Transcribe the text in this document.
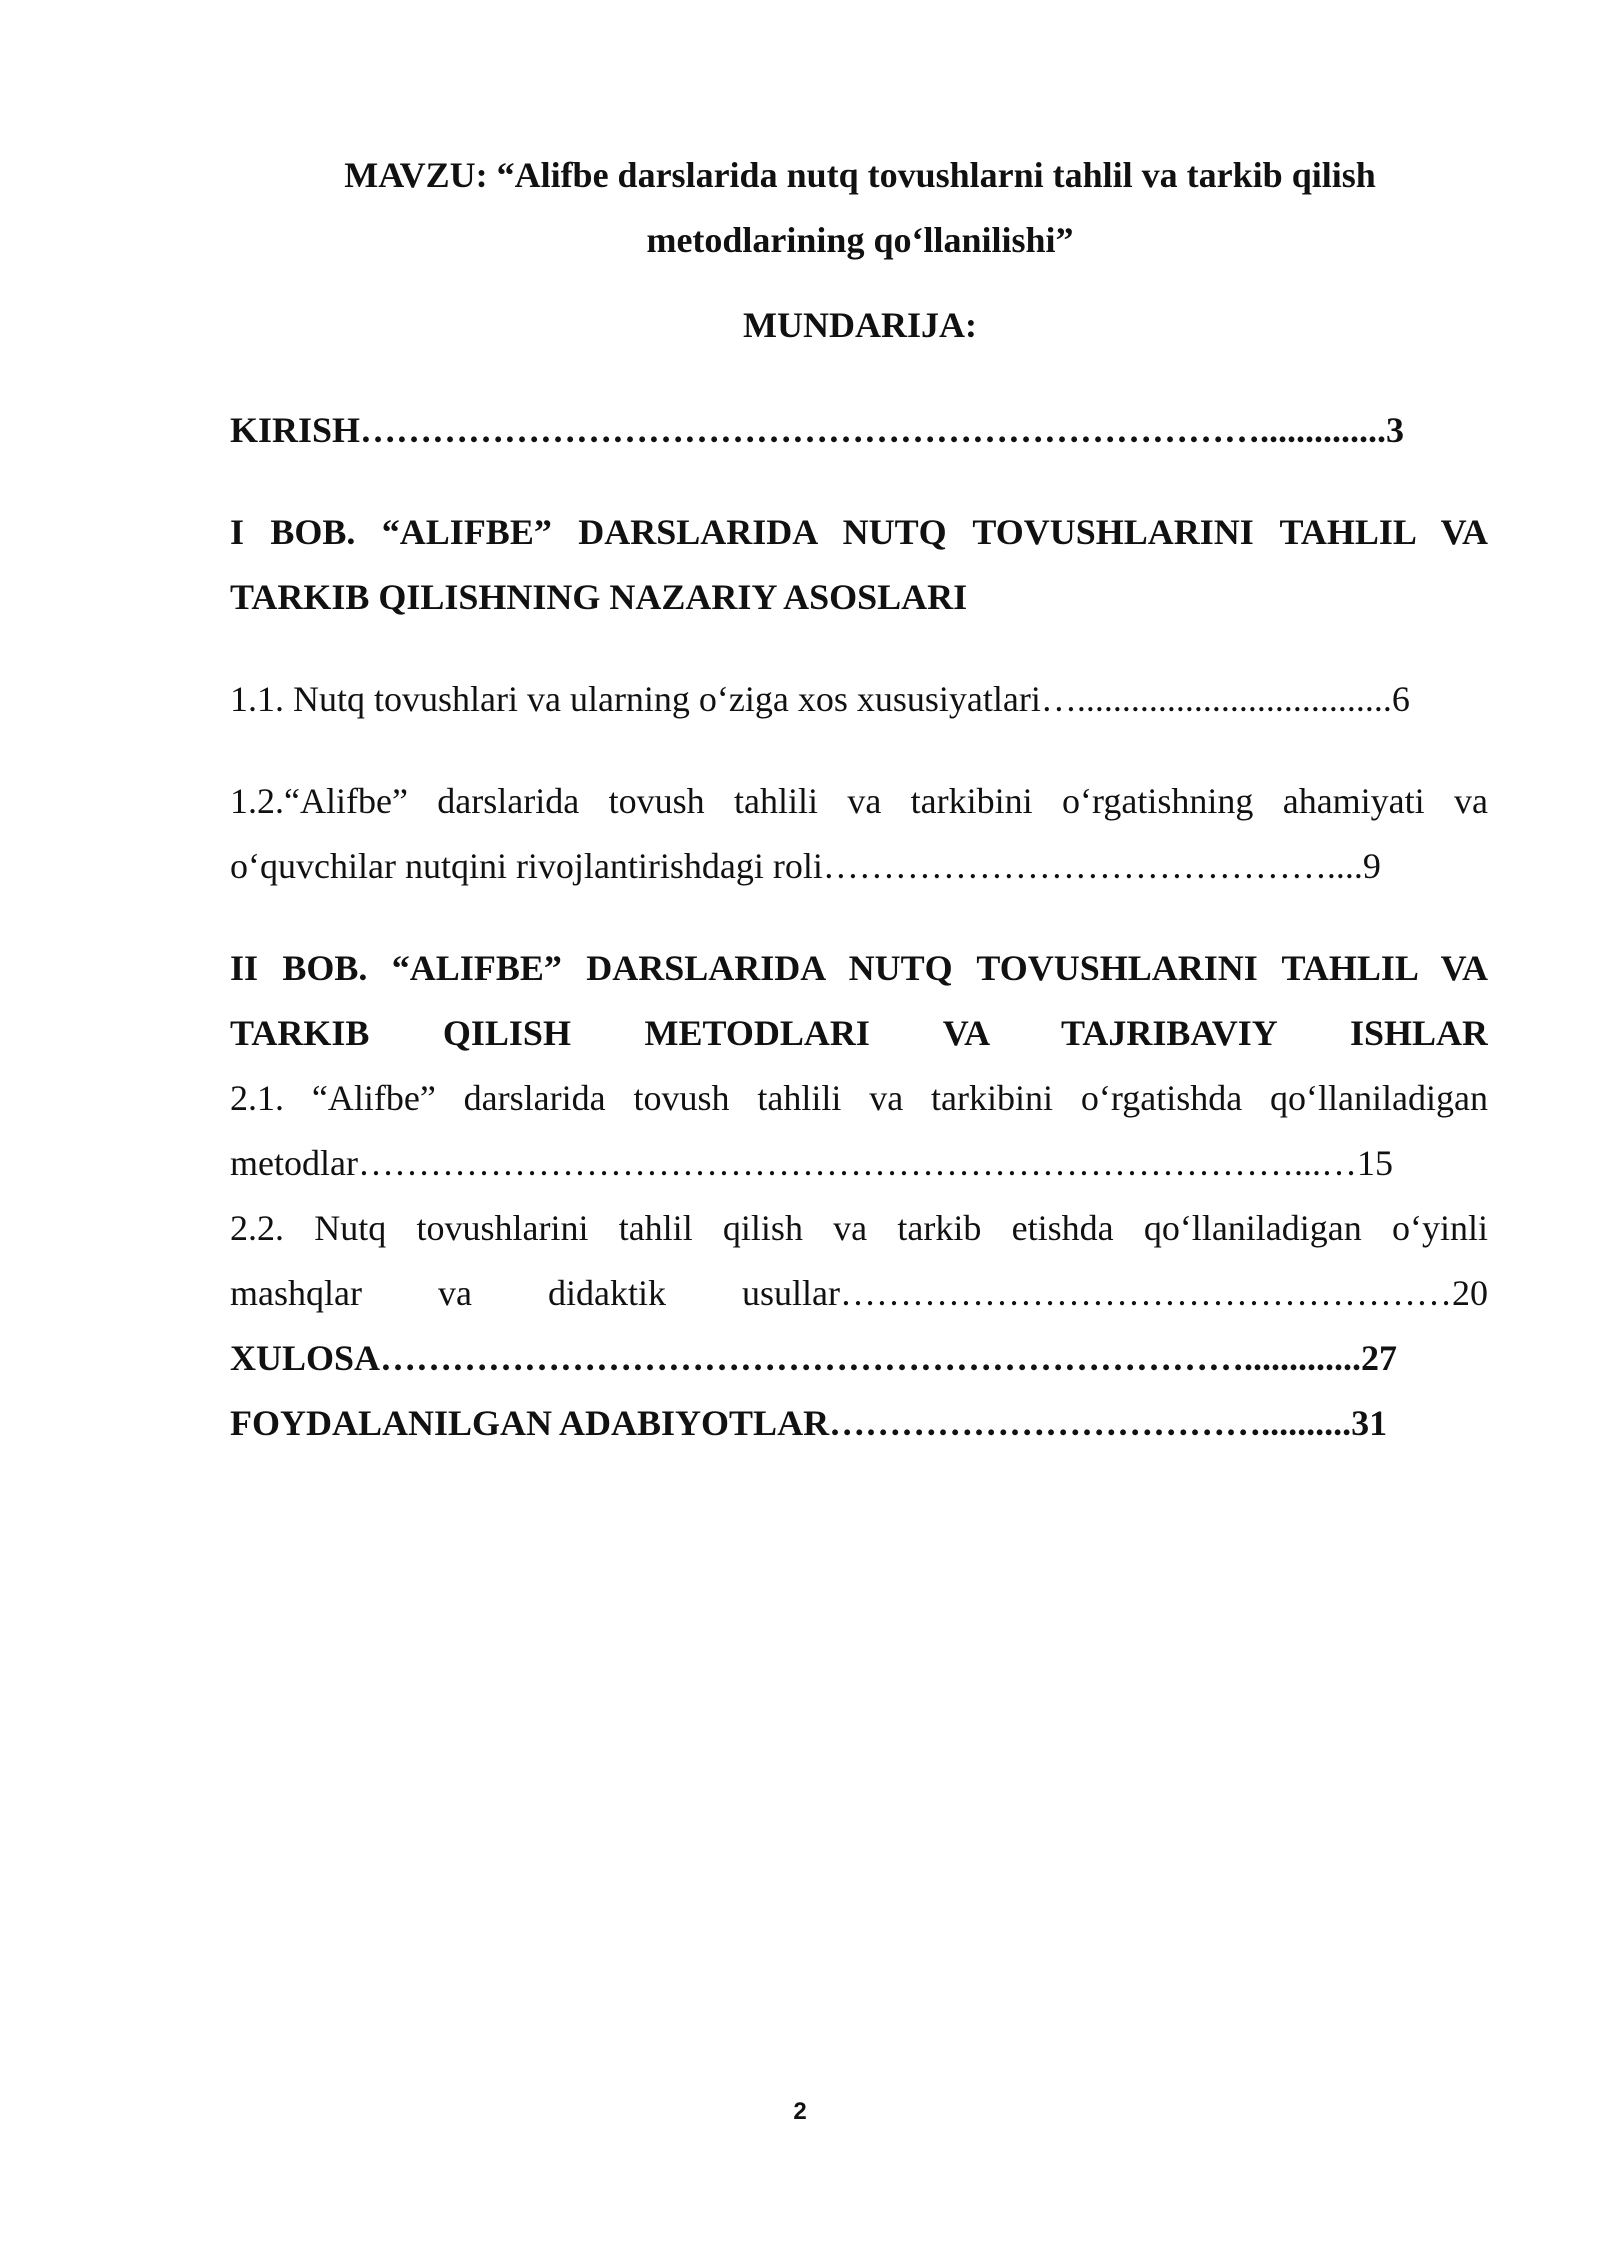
MAVZU: “Alifbe darslarida nutq tovushlarni tahlil va tarkib qilish

metodlarining qo‘llanilishi”

MUNDARIJA:

KIRISH…………………………………………………………………..............3

I BOB. “ALIFBE” DARSLARIDA NUTQ TOVUSHLARINI TAHLIL VA

TARKIB QILISHNING NAZARIY ASOSLARI

1.1. Nutq tovushlari va ularning o‘ziga xos xususiyatlari…...................................6

1.2.“Alifbe” darslarida tovush tahlili va tarkibini o‘rgatishning ahamiyati va

o‘quvchilar nutqini rivojlantirishdagi roli……………………………………....9

II BOB. “ALIFBE” DARSLARIDA NUTQ TOVUSHLARINI TAHLIL VA

TARKIB QILISH METODLARI VA TAJRIBAVIY ISHLAR

2.1. “Alifbe” darslarida tovush tahlili va tarkibini o‘rgatishda qo‘llaniladigan

metodlar……………………………………………………………………...…15

2.2. Nutq tovushlarini tahlil qilish va tarkib etishda qo‘llaniladigan o‘yinli

mashqlar va didaktik usullar……………………………………………20

XULOSA……………………………………………………………….............27

FOYDALANILGAN ADABIYOTLAR………………………………..........31

2
